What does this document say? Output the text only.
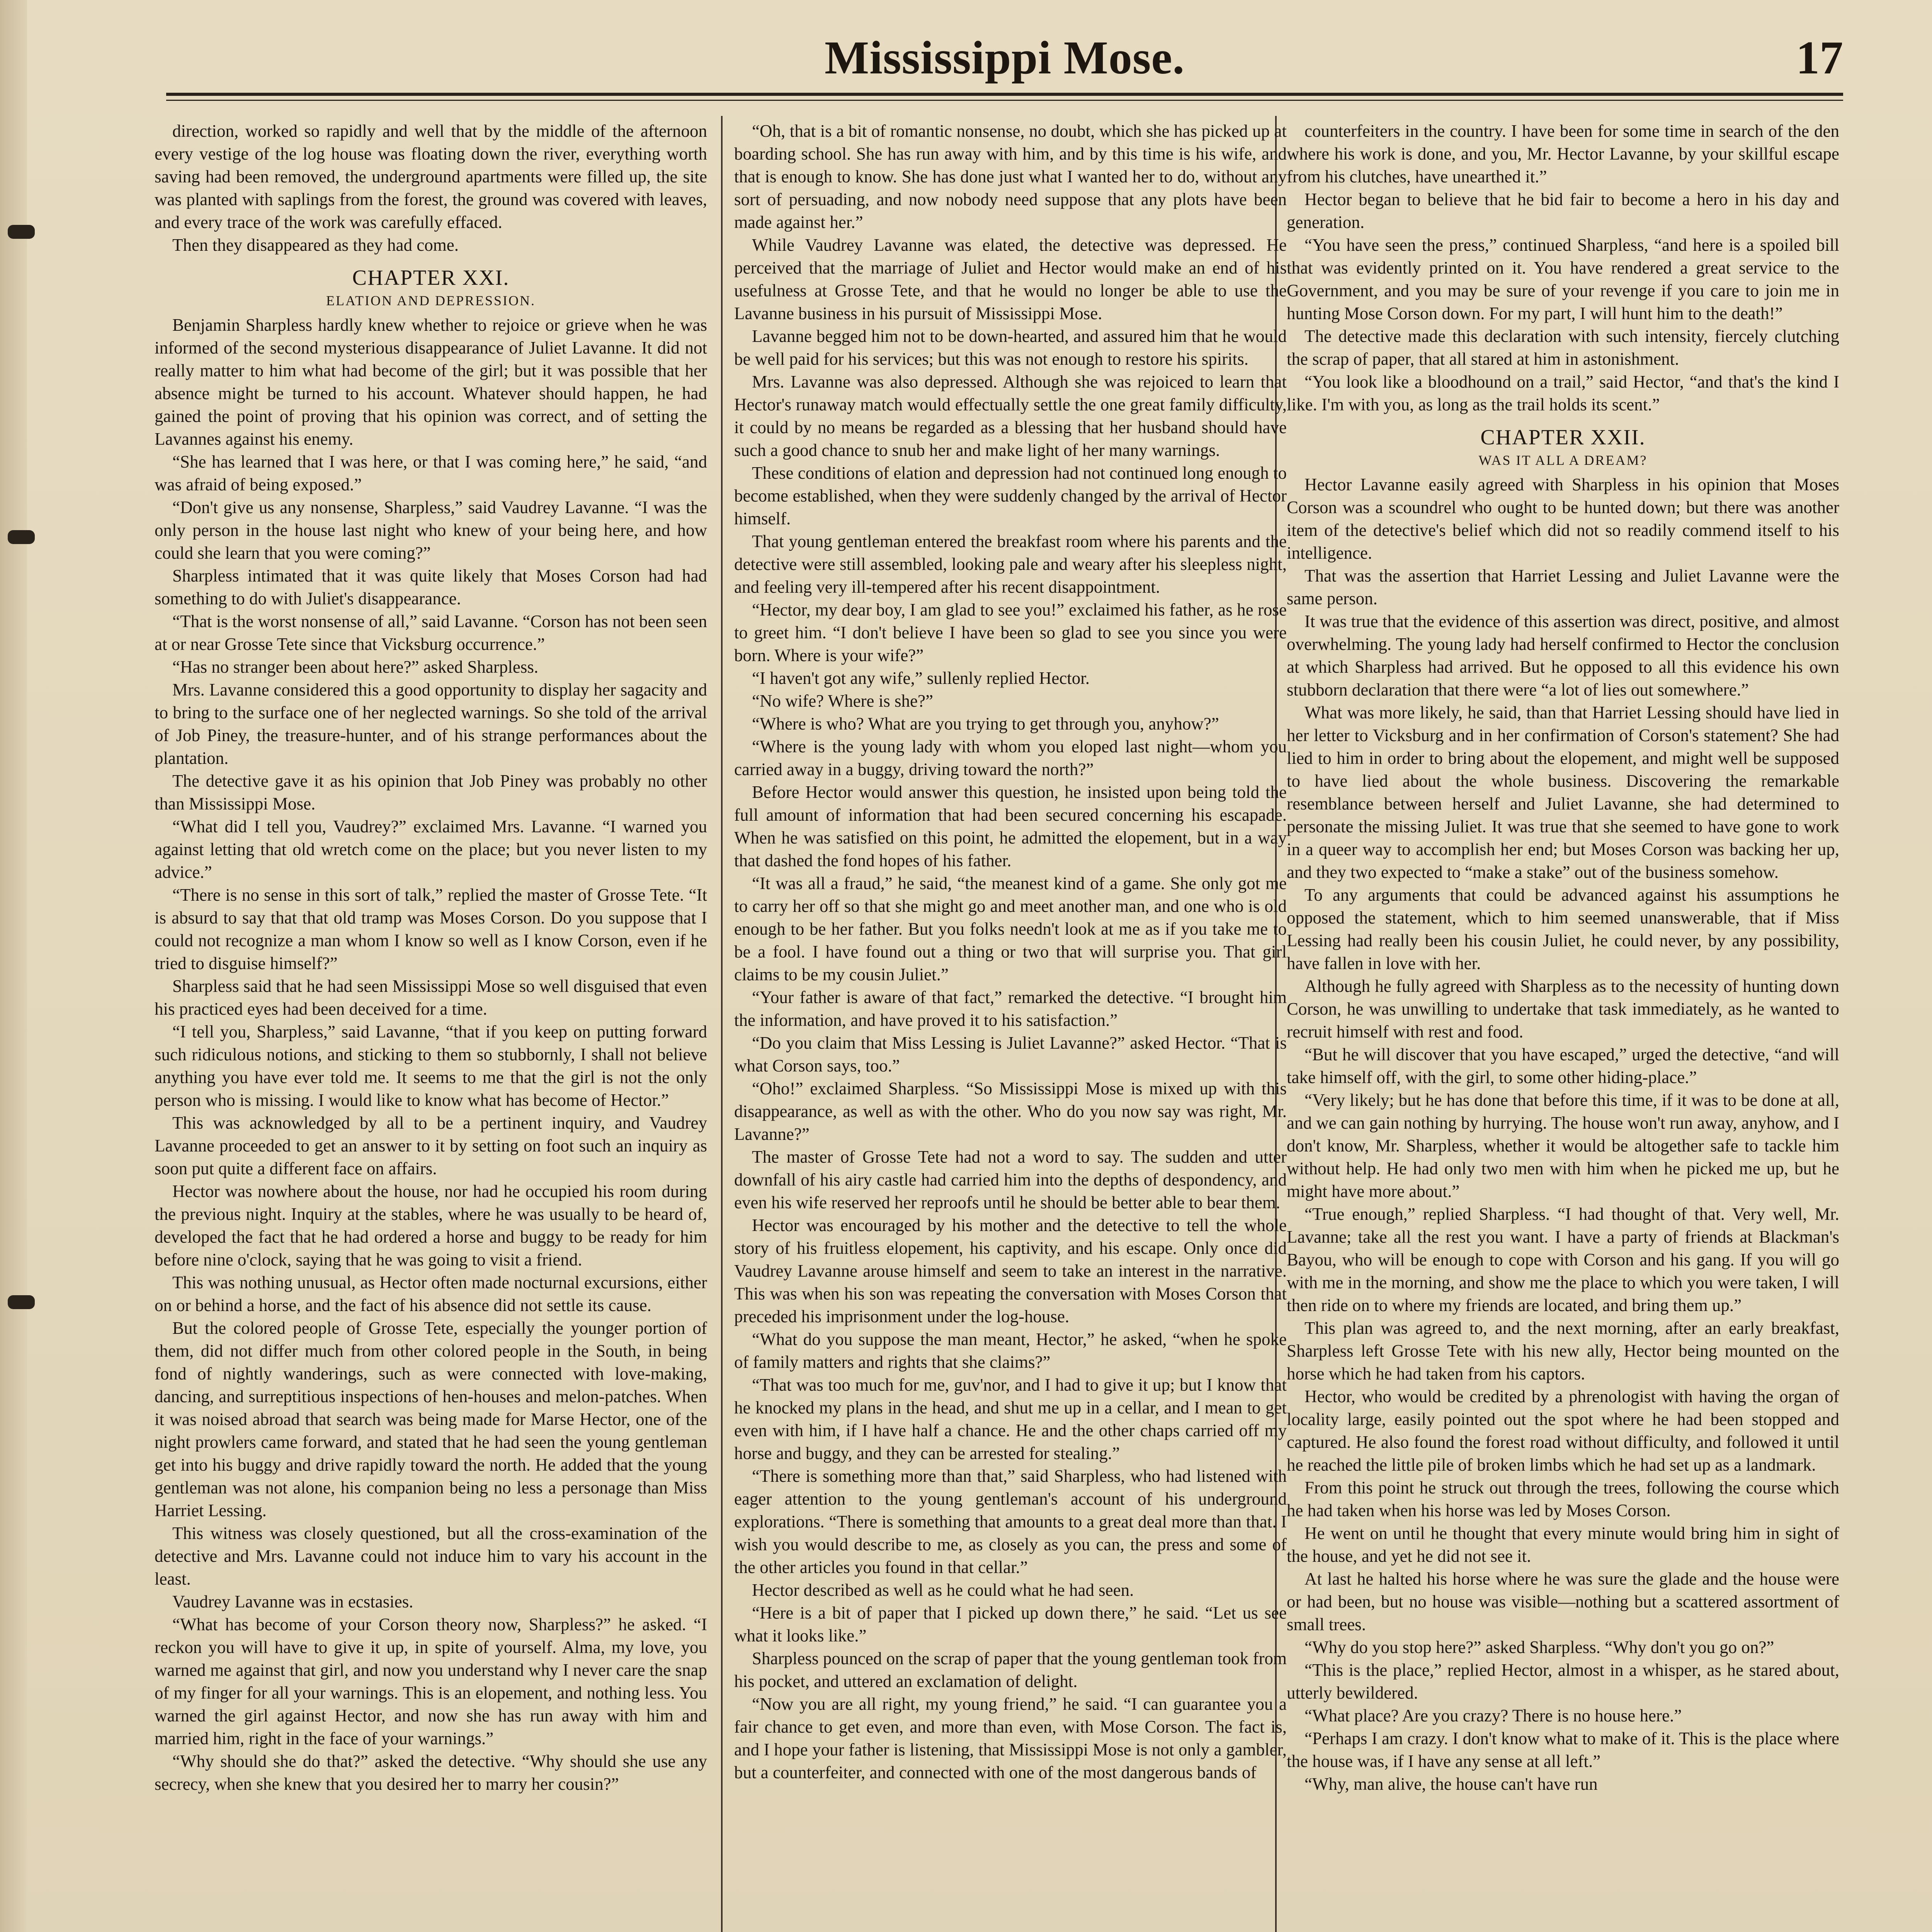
Mississippi Mose.	17

direction, worked so rapidly and well that by the middle of the afternoon every vestige of the log house was floating down the river, everything worth saving had been removed, the underground apartments were filled up, the site was planted with saplings from the forest, the ground was covered with leaves, and every trace of the work was carefully effaced.

Then they disappeared as they had come.

CHAPTER XXI.

ELATION AND DEPRESSION.

Benjamin Sharpless hardly knew whether to rejoice or grieve when he was informed of the second mysterious disappearance of Juliet Lavanne. It did not really matter to him what had become of the girl; but it was possible that her absence might be turned to his account. Whatever should happen, he had gained the point of proving that his opinion was correct, and of setting the Lavannes against his enemy.

“She has learned that I was here, or that I was coming here,” he said, “and was afraid of being exposed.”

“Don't give us any nonsense, Sharpless,” said Vaudrey Lavanne. “I was the only person in the house last night who knew of your being here, and how could she learn that you were coming?”

Sharpless intimated that it was quite likely that Moses Corson had had something to do with Juliet's disappearance.

“That is the worst nonsense of all,” said Lavanne. “Corson has not been seen at or near Grosse Tete since that Vicksburg occurrence.”

“Has no stranger been about here?” asked Sharpless.

Mrs. Lavanne considered this a good opportunity to display her sagacity and to bring to the surface one of her neglected warnings. So she told of the arrival of Job Piney, the treasure-hunter, and of his strange performances about the plantation.

The detective gave it as his opinion that Job Piney was probably no other than Mississippi Mose.

“What did I tell you, Vaudrey?” exclaimed Mrs. Lavanne. “I warned you against letting that old wretch come on the place; but you never listen to my advice.”

“There is no sense in this sort of talk,” replied the master of Grosse Tete. “It is absurd to say that that old tramp was Moses Corson. Do you suppose that I could not recognize a man whom I know so well as I know Corson, even if he tried to disguise himself?”

Sharpless said that he had seen Mississippi Mose so well disguised that even his practiced eyes had been deceived for a time.

“I tell you, Sharpless,” said Lavanne, “that if you keep on putting forward such ridiculous notions, and sticking to them so stubbornly, I shall not believe anything you have ever told me. It seems to me that the girl is not the only person who is missing. I would like to know what has become of Hector.”

This was acknowledged by all to be a pertinent inquiry, and Vaudrey Lavanne proceeded to get an answer to it by setting on foot such an inquiry as soon put quite a different face on affairs.

Hector was nowhere about the house, nor had he occupied his room during the previous night. Inquiry at the stables, where he was usually to be heard of, developed the fact that he had ordered a horse and buggy to be ready for him before nine o'clock, saying that he was going to visit a friend.

This was nothing unusual, as Hector often made nocturnal excursions, either on or behind a horse, and the fact of his absence did not settle its cause.

But the colored people of Grosse Tete, especially the younger portion of them, did not differ much from other colored people in the South, in being fond of nightly wanderings, such as were connected with love-making, dancing, and surreptitious inspections of hen-houses and melon-patches. When it was noised abroad that search was being made for Marse Hector, one of the night prowlers came forward, and stated that he had seen the young gentleman get into his buggy and drive rapidly toward the north. He added that the young gentleman was not alone, his companion being no less a personage than Miss Harriet Lessing.

This witness was closely questioned, but all the cross-examination of the detective and Mrs. Lavanne could not induce him to vary his account in the least.

Vaudrey Lavanne was in ecstasies.

“What has become of your Corson theory now, Sharpless?” he asked. “I reckon you will have to give it up, in spite of yourself. Alma, my love, you warned me against that girl, and now you understand why I never care the snap of my finger for all your warnings. This is an elopement, and nothing less. You warned the girl against Hector, and now she has run away with him and married him, right in the face of your warnings.”

“Why should she do that?” asked the detective. “Why should she use any secrecy, when she knew that you desired her to marry her cousin?”

“Oh, that is a bit of romantic nonsense, no doubt, which she has picked up at boarding school. She has run away with him, and by this time is his wife, and that is enough to know. She has done just what I wanted her to do, without any sort of persuading, and now nobody need suppose that any plots have been made against her.”

While Vaudrey Lavanne was elated, the detective was depressed. He perceived that the marriage of Juliet and Hector would make an end of his usefulness at Grosse Tete, and that he would no longer be able to use the Lavanne business in his pursuit of Mississippi Mose.

Lavanne begged him not to be down-hearted, and assured him that he would be well paid for his services; but this was not enough to restore his spirits.

Mrs. Lavanne was also depressed. Although she was rejoiced to learn that Hector's runaway match would effectually settle the one great family difficulty, it could by no means be regarded as a blessing that her husband should have such a good chance to snub her and make light of her many warnings.

These conditions of elation and depression had not continued long enough to become established, when they were suddenly changed by the arrival of Hector himself.

That young gentleman entered the breakfast room where his parents and the detective were still assembled, looking pale and weary after his sleepless night, and feeling very ill-tempered after his recent disappointment.

“Hector, my dear boy, I am glad to see you!” exclaimed his father, as he rose to greet him. “I don't believe I have been so glad to see you since you were born. Where is your wife?”

“I haven't got any wife,” sullenly replied Hector.

“No wife? Where is she?”

“Where is who? What are you trying to get through you, anyhow?”

“Where is the young lady with whom you eloped last night—whom you carried away in a buggy, driving toward the north?”

Before Hector would answer this question, he insisted upon being told the full amount of information that had been secured concerning his escapade. When he was satisfied on this point, he admitted the elopement, but in a way that dashed the fond hopes of his father.

“It was all a fraud,” he said, “the meanest kind of a game. She only got me to carry her off so that she might go and meet another man, and one who is old enough to be her father. But you folks needn't look at me as if you take me to be a fool. I have found out a thing or two that will surprise you. That girl claims to be my cousin Juliet.”

“Your father is aware of that fact,” remarked the detective. “I brought him the information, and have proved it to his satisfaction.”

“Do you claim that Miss Lessing is Juliet Lavanne?” asked Hector. “That is what Corson says, too.”

“Oho!” exclaimed Sharpless. “So Mississippi Mose is mixed up with this disappearance, as well as with the other. Who do you now say was right, Mr. Lavanne?”

The master of Grosse Tete had not a word to say. The sudden and utter downfall of his airy castle had carried him into the depths of despondency, and even his wife reserved her reproofs until he should be better able to bear them.

Hector was encouraged by his mother and the detective to tell the whole story of his fruitless elopement, his captivity, and his escape. Only once did Vaudrey Lavanne arouse himself and seem to take an interest in the narrative. This was when his son was repeating the conversation with Moses Corson that preceded his imprisonment under the log-house.

“What do you suppose the man meant, Hector,” he asked, “when he spoke of family matters and rights that she claims?”

“That was too much for me, guv'nor, and I had to give it up; but I know that he knocked my plans in the head, and shut me up in a cellar, and I mean to get even with him, if I have half a chance. He and the other chaps carried off my horse and buggy, and they can be arrested for stealing.”

“There is something more than that,” said Sharpless, who had listened with eager attention to the young gentleman's account of his underground explorations. “There is something that amounts to a great deal more than that. I wish you would describe to me, as closely as you can, the press and some of the other articles you found in that cellar.”

Hector described as well as he could what he had seen.

“Here is a bit of paper that I picked up down there,” he said. “Let us see what it looks like.”

Sharpless pounced on the scrap of paper that the young gentleman took from his pocket, and uttered an exclamation of delight.

“Now you are all right, my young friend,” he said. “I can guarantee you a fair chance to get even, and more than even, with Mose Corson. The fact is, and I hope your father is listening, that Mississippi Mose is not only a gambler, but a counterfeiter, and connected with one of the most dangerous bands of

counterfeiters in the country. I have been for some time in search of the den where his work is done, and you, Mr. Hector Lavanne, by your skillful escape from his clutches, have unearthed it.”

Hector began to believe that he bid fair to become a hero in his day and generation.

“You have seen the press,” continued Sharpless, “and here is a spoiled bill that was evidently printed on it. You have rendered a great service to the Government, and you may be sure of your revenge if you care to join me in hunting Mose Corson down. For my part, I will hunt him to the death!”

The detective made this declaration with such intensity, fiercely clutching the scrap of paper, that all stared at him in astonishment.

“You look like a bloodhound on a trail,” said Hector, “and that's the kind I like. I'm with you, as long as the trail holds its scent.”

CHAPTER XXII.

WAS IT ALL A DREAM?

Hector Lavanne easily agreed with Sharpless in his opinion that Moses Corson was a scoundrel who ought to be hunted down; but there was another item of the detective's belief which did not so readily commend itself to his intelligence.

That was the assertion that Harriet Lessing and Juliet Lavanne were the same person.

It was true that the evidence of this assertion was direct, positive, and almost overwhelming. The young lady had herself confirmed to Hector the conclusion at which Sharpless had arrived. But he opposed to all this evidence his own stubborn declaration that there were “a lot of lies out somewhere.”

What was more likely, he said, than that Harriet Lessing should have lied in her letter to Vicksburg and in her confirmation of Corson's statement? She had lied to him in order to bring about the elopement, and might well be supposed to have lied about the whole business. Discovering the remarkable resemblance between herself and Juliet Lavanne, she had determined to personate the missing Juliet. It was true that she seemed to have gone to work in a queer way to accomplish her end; but Moses Corson was backing her up, and they two expected to “make a stake” out of the business somehow.

To any arguments that could be advanced against his assumptions he opposed the statement, which to him seemed unanswerable, that if Miss Lessing had really been his cousin Juliet, he could never, by any possibility, have fallen in love with her.

Although he fully agreed with Sharpless as to the necessity of hunting down Corson, he was unwilling to undertake that task immediately, as he wanted to recruit himself with rest and food.

“But he will discover that you have escaped,” urged the detective, “and will take himself off, with the girl, to some other hiding-place.”

“Very likely; but he has done that before this time, if it was to be done at all, and we can gain nothing by hurrying. The house won't run away, anyhow, and I don't know, Mr. Sharpless, whether it would be altogether safe to tackle him without help. He had only two men with him when he picked me up, but he might have more about.”

“True enough,” replied Sharpless. “I had thought of that. Very well, Mr. Lavanne; take all the rest you want. I have a party of friends at Blackman's Bayou, who will be enough to cope with Corson and his gang. If you will go with me in the morning, and show me the place to which you were taken, I will then ride on to where my friends are located, and bring them up.”

This plan was agreed to, and the next morning, after an early breakfast, Sharpless left Grosse Tete with his new ally, Hector being mounted on the horse which he had taken from his captors.

Hector, who would be credited by a phrenologist with having the organ of locality large, easily pointed out the spot where he had been stopped and captured. He also found the forest road without difficulty, and followed it until he reached the little pile of broken limbs which he had set up as a landmark.

From this point he struck out through the trees, following the course which he had taken when his horse was led by Moses Corson.

He went on until he thought that every minute would bring him in sight of the house, and yet he did not see it.

At last he halted his horse where he was sure the glade and the house were or had been, but no house was visible—nothing but a scattered assortment of small trees.

“Why do you stop here?” asked Sharpless. “Why don't you go on?”

“This is the place,” replied Hector, almost in a whisper, as he stared about, utterly bewildered.

“What place? Are you crazy? There is no house here.”

“Perhaps I am crazy. I don't know what to make of it. This is the place where the house was, if I have any sense at all left.”

“Why, man alive, the house can't have run
